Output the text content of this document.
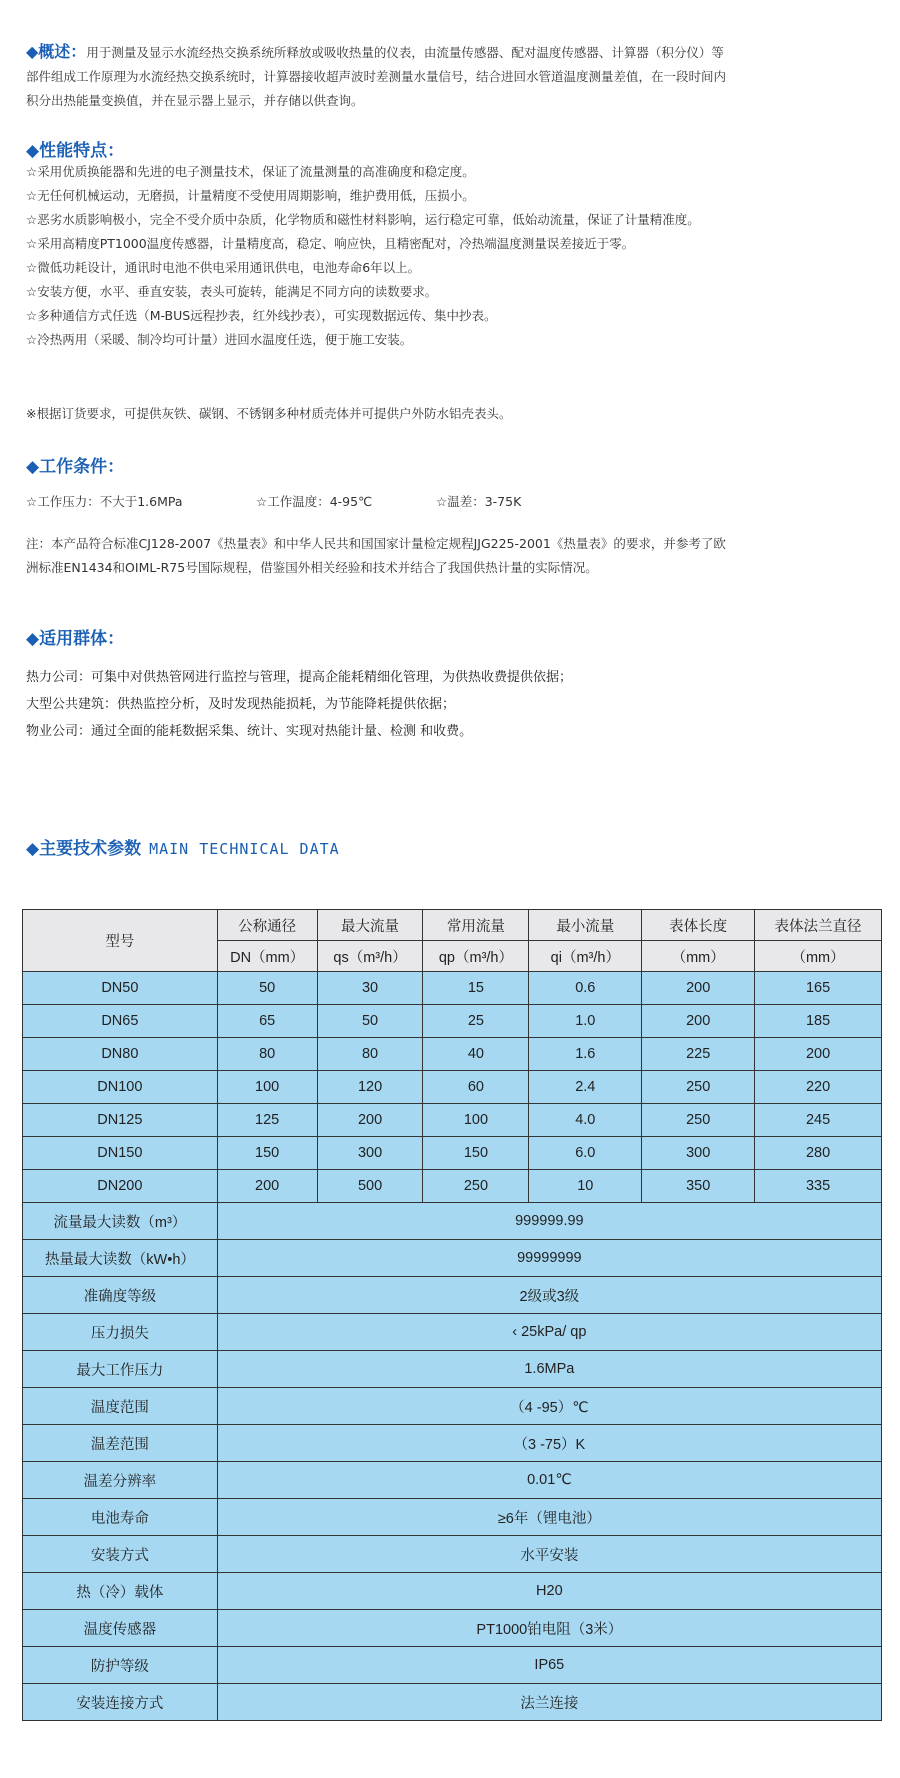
◆概述：用于测量及显示水流经热交换系统所释放或吸收热量的仪表，由流量传感器、配对温度传感器、计算器（积分仪）等
部件组成工作原理为水流经热交换系统时，计算器接收超声波时差测量水量信号，结合进回水管道温度测量差值，在一段时间内
积分出热能量变换值，并在显示器上显示，并存储以供查询。
◆性能特点：
☆采用优质换能器和先进的电子测量技术，保证了流量测量的高准确度和稳定度。
☆无任何机械运动，无磨损，计量精度不受使用周期影响，维护费用低，压损小。
☆恶劣水质影响极小，完全不受介质中杂质，化学物质和磁性材料影响，运行稳定可靠，低始动流量，保证了计量精准度。
☆采用高精度PT1000温度传感器，计量精度高，稳定、响应快，且精密配对，冷热端温度测量误差接近于零。
☆微低功耗设计，通讯时电池不供电采用通讯供电，电池寿命6年以上。
☆安装方便，水平、垂直安装，表头可旋转，能满足不同方向的读数要求。
☆多种通信方式任选（M-BUS远程抄表，红外线抄表），可实现数据远传、集中抄表。
☆冷热两用（采暖、制冷均可计量）进回水温度任选，便于施工安装。
※根据订货要求，可提供灰铁、碳钢、不锈钢多种材质壳体并可提供户外防水铝壳表头。
◆工作条件：
☆工作压力：不大于1.6MPa	☆工作温度：4-95℃	☆温差：3-75K
注：本产品符合标准CJ128-2007《热量表》和中华人民共和国国家计量检定规程JJG225-2001《热量表》的要求，并参考了欧
洲标准EN1434和OIML-R75号国际规程，借鉴国外相关经验和技术并结合了我国供热计量的实际情况。
◆适用群体：
热力公司：可集中对供热管网进行监控与管理，提高企能耗精细化管理，为供热收费提供依据；
大型公共建筑：供热监控分析，及时发现热能损耗，为节能降耗提供依据；
物业公司：通过全面的能耗数据采集、统计、实现对热能计量、检测 和收费。
◆主要技术参数 MAIN TECHNICAL DATA
型号	公称通径	最大流量	常用流量	最小流量	表体长度	表体法兰直径
	DN（mm）	qs（m³/h）	qp（m³/h）	qi（m³/h）	（mm）	（mm）
DN50	50	30	15	0.6	200	165
DN65	65	50	25	1.0	200	185
DN80	80	80	40	1.6	225	200
DN100	100	120	60	2.4	250	220
DN125	125	200	100	4.0	250	245
DN150	150	300	150	6.0	300	280
DN200	200	500	250	10	350	335
流量最大读数（m³）	999999.99					
热量最大读数（kW•h）	99999999					
准确度等级	2级或3级					
压力损失	‹ 25kPa/ qp					
最大工作压力	1.6MPa					
温度范围	（4 -95）℃					
温差范围	（3 -75）K					
温差分辨率	0.01℃					
电池寿命	≥6年（锂电池）					
安装方式	水平安装					
热（冷）载体	H20					
温度传感器	PT1000铂电阻（3米）					
防护等级	IP65					
安装连接方式	法兰连接					
